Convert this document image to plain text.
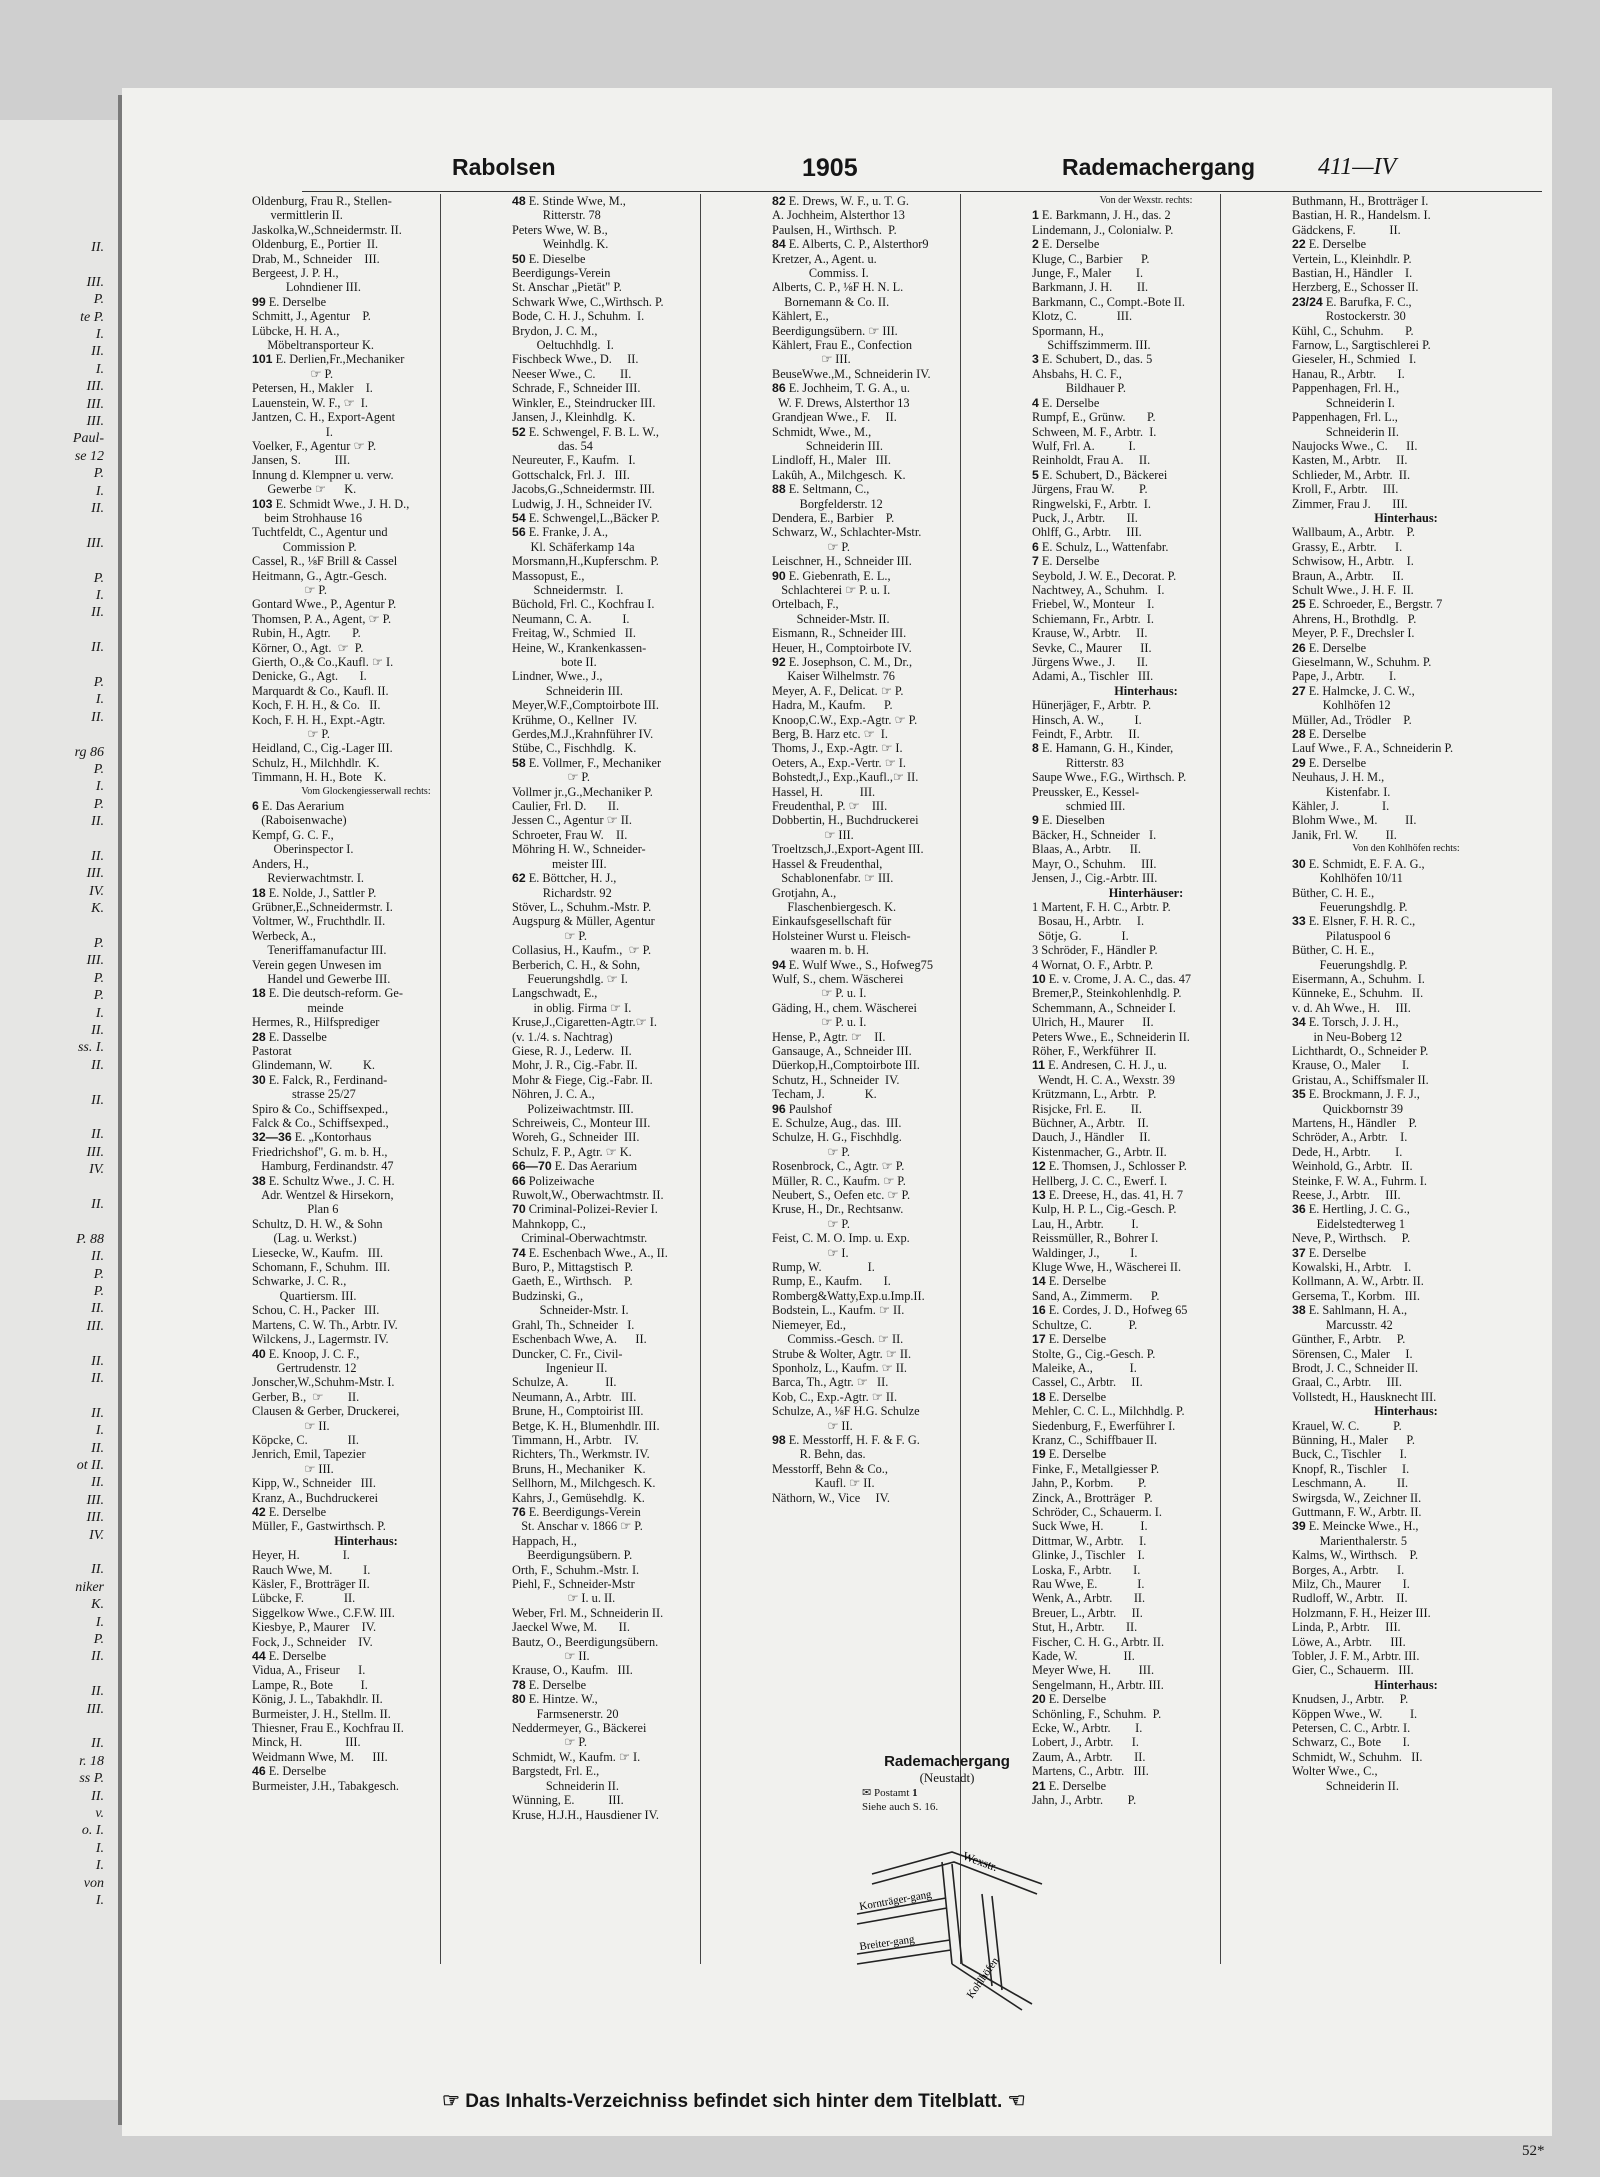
II.
III.
P.
te P.
I.
II.
I.
III.
III.
III.
Paul-
se 12
P.
I.
II.
III.
P.
I.
II.
II.
P.
I.
II.
rg 86
P.
I.
P.
II.
II.
III.
IV.
K.
P.
III.
P.
P.
I.
II.
ss. I.
II.
II.
II.
III.
IV.
II.
P. 88
II.
P.
P.
II.
III.
II.
II.
II.
I.
II.
ot II.
II.
III.
III.
IV.
II.
niker
K.
I.
P.
II.
II.
III.
II.
r. 18
ss P.
II.
v.
o. I.
I.
I.
von
I.
Rabolsen	1905	Rademachergang	411—IV
Oldenburg, Frau R., Stellen-
vermittlerin II.
Jaskolka,W.,Schneidermstr. II.
Oldenburg, E., Portier  II.
Drab, M., Schneider    III.
Bergeest, J. P. H.,
Lohndiener III.
99 E. Derselbe
Schmitt, J., Agentur    P.
Lübcke, H. H. A.,
Möbeltransporteur K.
101 E. Derlien,Fr.,Mechaniker
☞ P.
Petersen, H., Makler    I.
Lauenstein, W. F., ☞  I.
Jantzen, C. H., Export-Agent
I.
Voelker, F., Agentur ☞ P.
Jansen, S.           III.
Innung d. Klempner u. verw.
Gewerbe ☞      K.
103 E. Schmidt Wwe., J. H. D.,
beim Strohhause 16
Tuchtfeldt, C., Agentur und
Commission P.
Cassel, R., ⅛F Brill & Cassel
Heitmann, G., Agtr.-Gesch.
☞ P.
Gontard Wwe., P., Agentur P.
Thomsen, P. A., Agent, ☞ P.
Rubin, H., Agtr.       P.
Körner, O., Agt.  ☞  P.
Gierth, O.,& Co.,Kaufl. ☞ I.
Denicke, G., Agt.       I.
Marquardt & Co., Kaufl. II.
Koch, F. H. H., & Co.   II.
Koch, F. H. H., Expt.-Agtr.
☞ P.
Heidland, C., Cig.-Lager III.
Schulz, H., Milchhdlr.  K.
Timmann, H. H., Bote    K.
Vom Glockengiesserwall rechts:
6 E. Das Aerarium
(Raboisenwache)
Kempf, G. C. F.,
Oberinspector I.
Anders, H.,
Revierwachtmstr. I.
18 E. Nolde, J., Sattler P.
Grübner,E.,Schneidermstr. I.
Voltmer, W., Fruchthdlr. II.
Werbeck, A.,
Teneriffamanufactur III.
Verein gegen Unwesen im
Handel und Gewerbe III.
18 E. Die deutsch-reform. Ge-
meinde
Hermes, R., Hilfsprediger
28 E. Dasselbe
Pastorat
Glindemann, W.          K.
30 E. Falck, R., Ferdinand-
strasse 25/27
Spiro & Co., Schiffsexped.,
Falck & Co., Schiffsexped.,
32—36 E. „Kontorhaus
Friedrichshof", G. m. b. H.,
Hamburg, Ferdinandstr. 47
38 E. Schultz Wwe., J. C. H.
Adr. Wentzel & Hirsekorn,
Plan 6
Schultz, D. H. W., & Sohn
(Lag. u. Werkst.)
Liesecke, W., Kaufm.   III.
Schomann, F., Schuhm.  III.
Schwarke, J. C. R.,
Quartiersm. III.
Schou, C. H., Packer   III.
Martens, C. W. Th., Arbtr. IV.
Wilckens, J., Lagermstr. IV.
40 E. Knoop, J. C. F.,
Gertrudenstr. 12
Jonscher,W.,Schuhm-Mstr. I.
Gerber, B.,  ☞        II.
Clausen & Gerber, Druckerei,
☞ II.
Köpcke, C.             II.
Jenrich, Emil, Tapezier
☞ III.
Kipp, W., Schneider   III.
Kranz, A., Buchdruckerei
42 E. Derselbe
Müller, F., Gastwirthsch. P.
Hinterhaus:
Heyer, H.              I.
Rauch Wwe, M.          I.
Käsler, F., Brotträger II.
Lübcke, F.             II.
Siggelkow Wwe., C.F.W. III.
Kiesbye, P., Maurer    IV.
Fock, J., Schneider    IV.
44 E. Derselbe
Vidua, A., Friseur      I.
Lampe, R., Bote         I.
König, J. L., Tabakhdlr. II.
Burmeister, J. H., Stellm. II.
Thiesner, Frau E., Kochfrau II.
Minck, H.              III.
Weidmann Wwe, M.      III.
46 E. Derselbe
Burmeister, J.H., Tabakgesch.
48 E. Stinde Wwe, M.,
Ritterstr. 78
Peters Wwe, W. B.,
Weinhdlg. K.
50 E. Dieselbe
Beerdigungs-Verein
St. Anschar „Pietät" P.
Schwark Wwe, C.,Wirthsch. P.
Bode, C. H. J., Schuhm.  I.
Brydon, J. C. M.,
Oeltuchhdlg.  I.
Fischbeck Wwe., D.     II.
Neeser Wwe., C.        II.
Schrade, F., Schneider III.
Winkler, E., Steindrucker III.
Jansen, J., Kleinhdlg.  K.
52 E. Schwengel, F. B. L. W.,
das. 54
Neureuter, F., Kaufm.   I.
Gottschalck, Frl. J.   III.
Jacobs,G.,Schneidermstr. III.
Ludwig, J. H., Schneider IV.
54 E. Schwengel,L.,Bäcker P.
56 E. Franke, J. A.,
Kl. Schäferkamp 14a
Morsmann,H.,Kupferschm. P.
Massopust, E.,
Schneidermstr.   I.
Büchold, Frl. C., Kochfrau I.
Neumann, C. A.          I.
Freitag, W., Schmied   II.
Heine, W., Krankenkassen-
bote II.
Lindner, Wwe., J.,
Schneiderin III.
Meyer,W.F.,Comptoirbote III.
Krühme, O., Kellner   IV.
Gerdes,M.J.,Krahnführer IV.
Stübe, C., Fischhdlg.   K.
58 E. Vollmer, F., Mechaniker
☞ P.
Vollmer jr.,G.,Mechaniker P.
Caulier, Frl. D.       II.
Jessen C., Agentur ☞ II.
Schroeter, Frau W.    II.
Möhring H. W., Schneider-
meister III.
62 E. Böttcher, H. J.,
Richardstr. 92
Stöver, L., Schuhm.-Mstr. P.
Augspurg & Müller, Agentur
☞ P.
Collasius, H., Kaufm.,  ☞ P.
Berberich, C. H., & Sohn,
Feuerungshdlg. ☞ I.
Langschwadt, E.,
in oblig. Firma ☞ I.
Kruse,J.,Cigaretten-Agtr.☞ I.
(v. 1./4. s. Nachtrag)
Giese, R. J., Lederw.  II.
Mohr, J. R., Cig.-Fabr. II.
Mohr & Fiege, Cig.-Fabr. II.
Nöhren, J. C. A.,
Polizeiwachtmstr. III.
Schreiweis, C., Monteur III.
Woreh, G., Schneider  III.
Schulz, F. P., Agtr. ☞ K.
66—70 E. Das Aerarium
66 Polizeiwache
Ruwolt,W., Oberwachtmstr. II.
70 Criminal-Polizei-Revier I.
Mahnkopp, C.,
Criminal-Oberwachtmstr.
74 E. Eschenbach Wwe., A., II.
Buro, P., Mittagstisch  P.
Gaeth, E., Wirthsch.    P.
Budzinski, G.,
Schneider-Mstr. I.
Grahl, Th., Schneider   I.
Eschenbach Wwe, A.      II.
Duncker, C. Fr., Civil-
Ingenieur II.
Schulze, A.            II.
Neumann, A., Arbtr.   III.
Brune, H., Comptoirist III.
Betge, K. H., Blumenhdlr. III.
Timmann, H., Arbtr.    IV.
Richters, Th., Werkmstr. IV.
Bruns, H., Mechaniker   K.
Sellhorn, M., Milchgesch. K.
Kahrs, J., Gemüsehdlg.  K.
76 E. Beerdigungs-Verein
St. Anschar v. 1866 ☞ P.
Happach, H.,
Beerdigungsübern. P.
Orth, F., Schuhm.-Mstr. I.
Piehl, F., Schneider-Mstr
☞ I. u. II.
Weber, Frl. M., Schneiderin II.
Jaeckel Wwe, M.       II.
Bautz, O., Beerdigungsübern.
☞ II.
Krause, O., Kaufm.   III.
78 E. Derselbe
80 E. Hintze. W.,
Farmsenerstr. 20
Neddermeyer, G., Bäckerei
☞ P.
Schmidt, W., Kaufm. ☞ I.
Bargstedt, Frl. E.,
Schneiderin II.
Wünning, E.           III.
Kruse, H.J.H., Hausdiener IV.
82 E. Drews, W. F., u. T. G.
A. Jochheim, Alsterthor 13
Paulsen, H., Wirthsch.  P.
84 E. Alberts, C. P., Alsterthor9
Kretzer, A., Agent. u.
Commiss. I.
Alberts, C. P., ⅛F H. N. L.
Bornemann & Co. II.
Kählert, E.,
Beerdigungsübern. ☞ III.
Kählert, Frau E., Confection
☞ III.
BeuseWwe.,M., Schneiderin IV.
86 E. Jochheim, T. G. A., u.
W. F. Drews, Alsterthor 13
Grandjean Wwe., F.     II.
Schmidt, Wwe., M.,
Schneiderin III.
Lindloff, H., Maler   III.
Lakûh, A., Milchgesch.  K.
88 E. Seltmann, C.,
Borgfelderstr. 12
Dendera, E., Barbier    P.
Schwarz, W., Schlachter-Mstr.
☞ P.
Leischner, H., Schneider III.
90 E. Giebenrath, E. L.,
Schlachterei ☞ P. u. I.
Ortelbach, F.,
Schneider-Mstr. II.
Eismann, R., Schneider III.
Heuer, H., Comptoirbote IV.
92 E. Josephson, C. M., Dr.,
Kaiser Wilhelmstr. 76
Meyer, A. F., Delicat. ☞ P.
Hadra, M., Kaufm.      P.
Knoop,C.W., Exp.-Agtr. ☞ P.
Berg, B. Harz etc. ☞  I.
Thoms, J., Exp.-Agtr. ☞ I.
Oeters, A., Exp.-Vertr. ☞ I.
Bohstedt,J., Exp.,Kaufl.,☞ II.
Hassel, H.            III.
Freudenthal, P. ☞    III.
Dobbertin, H., Buchdruckerei
☞ III.
Troeltzsch,J.,Export-Agent III.
Hassel & Freudenthal,
Schablonenfabr. ☞ III.
Grotjahn, A.,
Flaschenbiergesch. K.
Einkaufsgesellschaft für
Holsteiner Wurst u. Fleisch-
waaren m. b. H.
94 E. Wulf Wwe., S., Hofweg75
Wulf, S., chem. Wäscherei
☞ P. u. I.
Gäding, H., chem. Wäscherei
☞ P. u. I.
Hense, P., Agtr. ☞    II.
Gansauge, A., Schneider III.
Düerkop,H.,Comptoirbote III.
Schutz, H., Schneider  IV.
Techam, J.             K.
96 Paulshof
E. Schulze, Aug., das.  III.
Schulze, H. G., Fischhdlg.
☞ P.
Rosenbrock, C., Agtr. ☞ P.
Müller, R. C., Kaufm. ☞ P.
Neubert, S., Oefen etc. ☞ P.
Kruse, H., Dr., Rechtsanw.
☞ P.
Feist, C. M. O. Imp. u. Exp.
☞ I.
Rump, W.               I.
Rump, E., Kaufm.       I.
Romberg&Watty,Exp.u.Imp.II.
Bodstein, L., Kaufm. ☞ II.
Niemeyer, Ed.,
Commiss.-Gesch. ☞ II.
Strube & Wolter, Agtr. ☞ II.
Sponholz, L., Kaufm. ☞ II.
Barca, Th., Agtr. ☞   II.
Kob, C., Exp.-Agtr. ☞ II.
Schulze, A., ⅛F H.G. Schulze
☞ II.
98 E. Messtorff, H. F. & F. G.
R. Behn, das.
Messtorff, Behn & Co.,
Kaufl. ☞ II.
Näthorn, W., Vice     IV.
Von der Wexstr. rechts:
1 E. Barkmann, J. H., das. 2
Lindemann, J., Colonialw. P.
2 E. Derselbe
Kluge, C., Barbier      P.
Junge, F., Maler        I.
Barkmann, J. H.        II.
Barkmann, C., Compt.-Bote II.
Klotz, C.             III.
Spormann, H.,
Schiffszimmerm. III.
3 E. Schubert, D., das. 5
Ahsbahs, H. C. F.,
Bildhauer P.
4 E. Derselbe
Rumpf, E., Grünw.       P.
Schween, M. F., Arbtr.  I.
Wulf, Frl. A.           I.
Reinholdt, Frau A.     II.
5 E. Schubert, D., Bäckerei
Jürgens, Frau W.        P.
Ringwelski, F., Arbtr.  I.
Puck, J., Arbtr.       II.
Ohlff, G., Arbtr.     III.
6 E. Schulz, L., Wattenfabr.
7 E. Derselbe
Seybold, J. W. E., Decorat. P.
Nachtwey, A., Schuhm.   I.
Friebel, W., Monteur    I.
Schiemann, Fr., Arbtr.  I.
Krause, W., Arbtr.     II.
Sevke, C., Maurer      II.
Jürgens Wwe., J.       II.
Adami, A., Tischler   III.
Hinterhaus:
Hünerjäger, F., Arbtr.  P.
Hinsch, A. W.,          I.
Feindt, F., Arbtr.     II.
8 E. Hamann, G. H., Kinder,
Ritterstr. 83
Saupe Wwe., F.G., Wirthsch. P.
Preussker, E., Kessel-
schmied III.
9 E. Dieselben
Bäcker, H., Schneider   I.
Blaas, A., Arbtr.      II.
Mayr, O., Schuhm.     III.
Jensen, J., Cig.-Arbtr. III.
Hinterhäuser:
1 Martent, F. H. C., Arbtr. P.
Bosau, H., Arbtr.     I.
Sötje, G.             I.
3 Schröder, F., Händler P.
4 Wornat, O. F., Arbtr. P.
10 E. v. Crome, J. A. C., das. 47
Bremer,P., Steinkohlenhdlg. P.
Schemmann, A., Schneider I.
Ulrich, H., Maurer      II.
Peters Wwe., E., Schneiderin II.
Röher, F., Werkführer  II.
11 E. Andresen, C. H. J., u.
Wendt, H. C. A., Wexstr. 39
Krützmann, L., Arbtr.   P.
Risjcke, Frl. E.        II.
Büchner, A., Arbtr.    II.
Dauch, J., Händler     II.
Kistenmacher, G., Arbtr. II.
12 E. Thomsen, J., Schlosser P.
Hellberg, J. C. C., Ewerf. I.
13 E. Dreese, H., das. 41, H. 7
Kulp, H. P. L., Cig.-Gesch. P.
Lau, H., Arbtr.         I.
Reissmüller, R., Bohrer I.
Waldinger, J.,          I.
Kluge Wwe, H., Wäscherei II.
14 E. Derselbe
Sand, A., Zimmerm.      P.
16 E. Cordes, J. D., Hofweg 65
Schultze, C.            P.
17 E. Derselbe
Stolte, G., Cig.-Gesch. P.
Maleike, A.,            I.
Cassel, C., Arbtr.     II.
18 E. Derselbe
Mehler, C. C. L., Milchhdlg. P.
Siedenburg, F., Ewerführer I.
Kranz, C., Schiffbauer II.
19 E. Derselbe
Finke, F., Metallgiesser P.
Jahn, P., Korbm.        P.
Zinck, A., Brotträger   P.
Schröder, C., Schauerm. I.
Suck Wwe, H.            I.
Dittmar, W., Arbtr.     I.
Glinke, J., Tischler    I.
Loska, F., Arbtr.       I.
Rau Wwe, E.             I.
Wenk, A., Arbtr.       II.
Breuer, L., Arbtr.     II.
Stut, H., Arbtr.       II.
Fischer, C. H. G., Arbtr. II.
Kade, W.               II.
Meyer Wwe, H.         III.
Sengelmann, H., Arbtr. III.
20 E. Derselbe
Schönling, F., Schuhm.  P.
Ecke, W., Arbtr.        I.
Lobert, J., Arbtr.      I.
Zaum, A., Arbtr.       II.
Martens, C., Arbtr.   III.
21 E. Derselbe
Jahn, J., Arbtr.        P.
Buthmann, H., Brotträger I.
Bastian, H. R., Handelsm. I.
Gädckens, F.           II.
22 E. Derselbe
Vertein, L., Kleinhdlr. P.
Bastian, H., Händler    I.
Herzberg, E., Schosser II.
23/24 E. Barufka, F. C.,
Rostockerstr. 30
Kühl, C., Schuhm.       P.
Farnow, L., Sargtischlerei P.
Gieseler, H., Schmied   I.
Hanau, R., Arbtr.       I.
Pappenhagen, Frl. H.,
Schneiderin I.
Pappenhagen, Frl. L.,
Schneiderin II.
Naujocks Wwe., C.      II.
Kasten, M., Arbtr.     II.
Schlieder, M., Arbtr.  II.
Kroll, F., Arbtr.     III.
Zimmer, Frau J.       III.
Hinterhaus:
Wallbaum, A., Arbtr.    P.
Grassy, E., Arbtr.      I.
Schwisow, H., Arbtr.    I.
Braun, A., Arbtr.      II.
Schult Wwe., J. H. F.  II.
25 E. Schroeder, E., Bergstr. 7
Ahrens, H., Brothdlg.   P.
Meyer, P. F., Drechsler I.
26 E. Derselbe
Gieselmann, W., Schuhm. P.
Pape, J., Arbtr.        I.
27 E. Halmcke, J. C. W.,
Kohlhöfen 12
Müller, Ad., Trödler    P.
28 E. Derselbe
Lauf Wwe., F. A., Schneiderin P.
29 E. Derselbe
Neuhaus, J. H. M.,
Kistenfabr. I.
Kähler, J.              I.
Blohm Wwe., M.         II.
Janik, Frl. W.         II.
Von den Kohlhöfen rechts:
30 E. Schmidt, E. F. A. G.,
Kohlhöfen 10/11
Büther, C. H. E.,
Feuerungshdlg. P.
33 E. Elsner, F. H. R. C.,
Pilatuspool 6
Büther, C. H. E.,
Feuerungshdlg. P.
Eisermann, A., Schuhm.  I.
Künneke, E., Schuhm.   II.
v. d. Ah Wwe., H.     III.
34 E. Torsch, J. J. H.,
in Neu-Boberg 12
Lichthardt, O., Schneider P.
Krause, O., Maler       I.
Gristau, A., Schiffsmaler II.
35 E. Brockmann, J. F. J.,
Quickbornstr 39
Martens, H., Händler    P.
Schröder, A., Arbtr.    I.
Dede, H., Arbtr.        I.
Weinhold, G., Arbtr.   II.
Steinke, F. W. A., Fuhrm. I.
Reese, J., Arbtr.     III.
36 E. Hertling, J. C. G.,
Eidelstedterweg 1
Neve, P., Wirthsch.     P.
37 E. Derselbe
Kowalski, H., Arbtr.    I.
Kollmann, A. W., Arbtr. II.
Gersema, T., Korbm.   III.
38 E. Sahlmann, H. A.,
Marcusstr. 42
Günther, F., Arbtr.     P.
Sörensen, C., Maler     I.
Brodt, J. C., Schneider II.
Graal, C., Arbtr.     III.
Vollstedt, H., Hausknecht III.
Hinterhaus:
Krauel, W. C.           P.
Bünning, H., Maler      P.
Buck, C., Tischler      I.
Knopf, R., Tischler     I.
Leschmann, A.          II.
Swirgsda, W., Zeichner II.
Guttmann, F. W., Arbtr. II.
39 E. Meincke Wwe., H.,
Marienthalerstr. 5
Kalms, W., Wirthsch.    P.
Borges, A., Arbtr.      I.
Milz, Ch., Maurer       I.
Rudloff, W., Arbtr.    II.
Holzmann, F. H., Heizer III.
Linda, P., Arbtr.     III.
Löwe, A., Arbtr.      III.
Tobler, J. F. M., Arbtr. III.
Gier, C., Schauerm.   III.
Hinterhaus:
Knudsen, J., Arbtr.     P.
Köppen Wwe., W.         I.
Petersen, C. C., Arbtr. I.
Schwarz, C., Bote       I.
Schmidt, W., Schuhm.   II.
Wolter Wwe., C.,
Schneiderin II.
Rademachergang
(Neustadt)
✉ Postamt 1
Siehe auch S. 16.
Wexstr.
Kornträger-gang
Breiter-gang
Kohlhöfen
☞ Das Inhalts-Verzeichniss befindet sich hinter dem Titelblatt. ☜
52*
